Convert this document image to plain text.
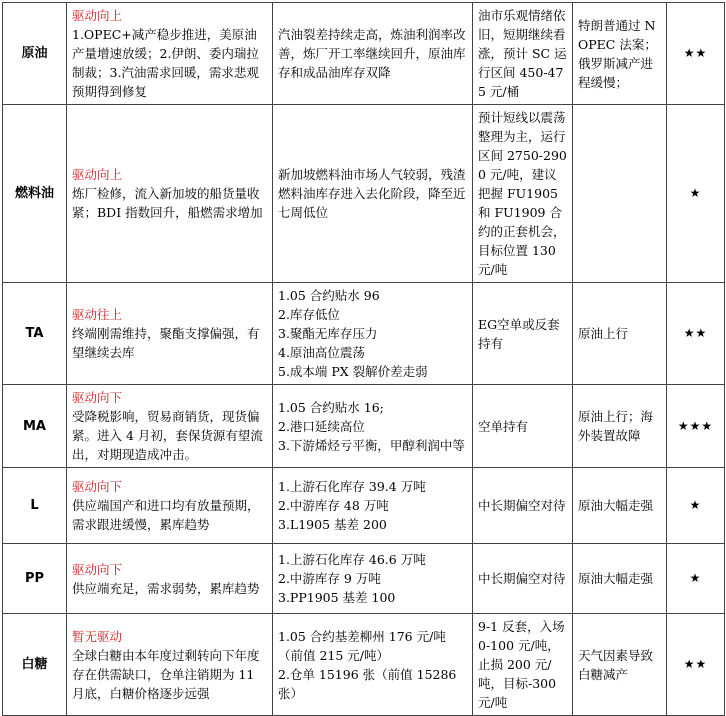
原油	驱动向上
1.OPEC+减产稳步推进，美原油产量增速放缓；2.伊朗、委内瑞拉制裁；3.汽油需求回暖，需求悲观预期得到修复	汽油裂差持续走高，炼油利润率改善，炼厂开工率继续回升，原油库存和成品油库存双降	油市乐观情绪依旧，短期继续看涨，预计 SC 运行区间 450-475 元/桶	特朗普通过 NOPEC 法案；俄罗斯减产进程缓慢；	★★
燃料油	驱动向上
炼厂检修，流入新加坡的船货量收紧；BDI 指数回升，船燃需求增加	新加坡燃料油市场人气较弱，残渣燃料油库存进入去化阶段，降至近七周低位	预计短线以震荡整理为主，运行区间 2750-2900 元/吨，建议把握 FU1905 和 FU1909 合约的正套机会，目标位置 130 元/吨		★
TA	驱动往上
终端刚需维持，聚酯支撑偏强，有望继续去库	1.05 合约贴水 96
2.库存低位
3.聚酯无库存压力
4.原油高位震荡
5.成本端 PX 裂解价差走弱	EG空单或反套持有	原油上行	★★
MA	驱动向下
受降税影响，贸易商销货，现货偏紧。进入 4 月初，套保货源有望流出，对期现造成冲击。	1.05 合约贴水 16;
2.港口延续高位
3.下游烯烃亏平衡，甲醇利润中等	空单持有	原油上行；海外装置故障	★★★
L	驱动向下
供应端国产和进口均有放量预期，需求跟进缓慢，累库趋势	1.上游石化库存 39.4 万吨
2.中游库存 48 万吨
3.L1905 基差 200	中长期偏空对待	原油大幅走强	★
PP	驱动向下
供应端充足，需求弱势，累库趋势	1.上游石化库存 46.6 万吨
2.中游库存 9 万吨
3.PP1905 基差 100	中长期偏空对待	原油大幅走强	★
白糖	暂无驱动
全球白糖由本年度过剩转向下年度存在供需缺口，仓单注销期为 11 月底，白糖价格逐步远强	1.05 合约基差柳州 176 元/吨（前值 215 元/吨）
2.仓单 15196 张（前值 15286 张）	9-1 反套，入场 0-100 元/吨，止损 200 元/吨，目标-300 元/吨	天气因素导致白糖减产	★★
